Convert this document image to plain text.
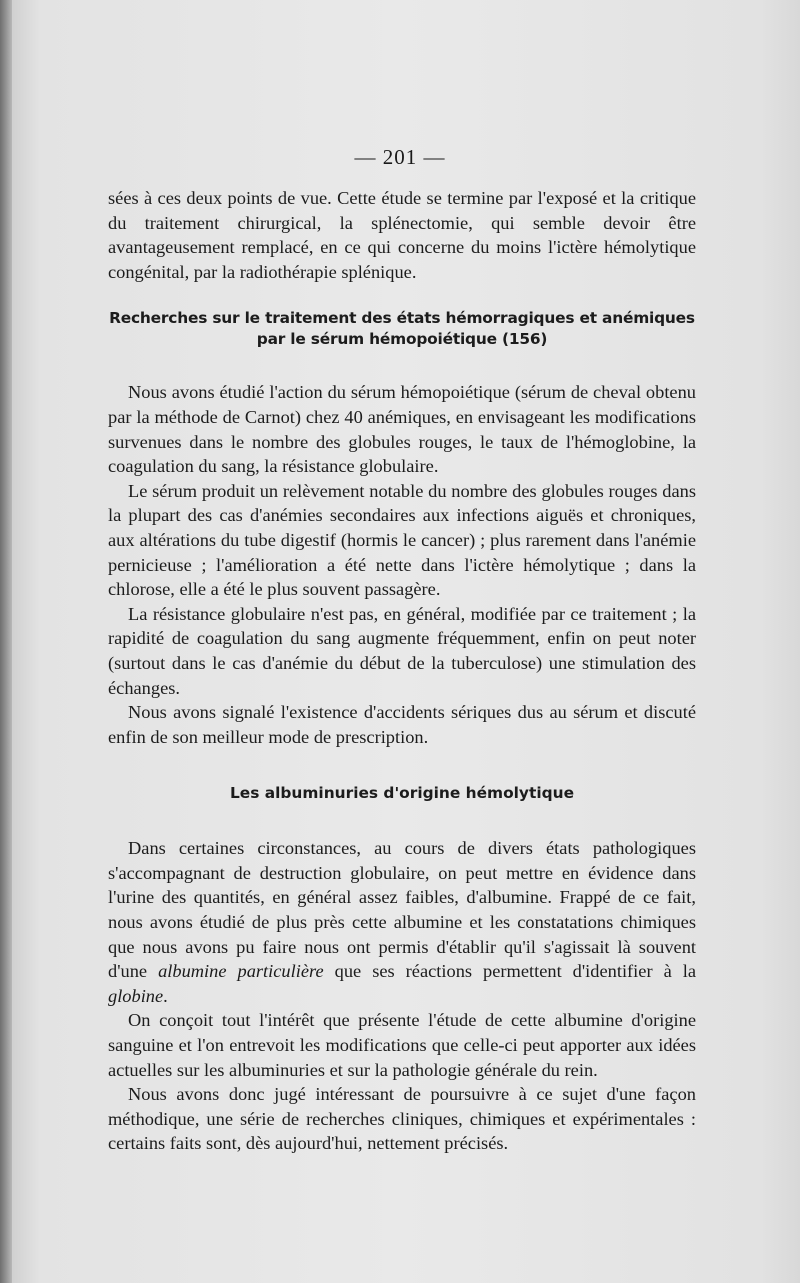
— 201 —

sées à ces deux points de vue. Cette étude se termine par l'exposé et la critique du traitement chirurgical, la splénectomie, qui semble devoir être avantageusement remplacé, en ce qui concerne du moins l'ictère hémolytique congénital, par la radiothérapie splénique.

Recherches sur le traitement des états hémorragiques et anémiques
par le sérum hémopoiétique (156)

Nous avons étudié l'action du sérum hémopoiétique (sérum de cheval obtenu par la méthode de Carnot) chez 40 anémiques, en envisageant les modifications survenues dans le nombre des globules rouges, le taux de l'hémoglobine, la coagulation du sang, la résistance globulaire.

Le sérum produit un relèvement notable du nombre des globules rouges dans la plupart des cas d'anémies secondaires aux infections aiguës et chroniques, aux altérations du tube digestif (hormis le cancer) ; plus rarement dans l'anémie pernicieuse ; l'amélioration a été nette dans l'ictère hémolytique ; dans la chlorose, elle a été le plus souvent passagère.

La résistance globulaire n'est pas, en général, modifiée par ce traitement ; la rapidité de coagulation du sang augmente fréquemment, enfin on peut noter (surtout dans le cas d'anémie du début de la tuberculose) une stimulation des échanges.

Nous avons signalé l'existence d'accidents sériques dus au sérum et discuté enfin de son meilleur mode de prescription.

Les albuminuries d'origine hémolytique

Dans certaines circonstances, au cours de divers états pathologiques s'accompagnant de destruction globulaire, on peut mettre en évidence dans l'urine des quantités, en général assez faibles, d'albumine. Frappé de ce fait, nous avons étudié de plus près cette albumine et les constatations chimiques que nous avons pu faire nous ont permis d'établir qu'il s'agissait là souvent d'une albumine particulière que ses réactions permettent d'identifier à la globine.

On conçoit tout l'intérêt que présente l'étude de cette albumine d'origine sanguine et l'on entrevoit les modifications que celle-ci peut apporter aux idées actuelles sur les albuminuries et sur la pathologie générale du rein.

Nous avons donc jugé intéressant de poursuivre à ce sujet d'une façon méthodique, une série de recherches cliniques, chimiques et expérimentales : certains faits sont, dès aujourd'hui, nettement précisés.
